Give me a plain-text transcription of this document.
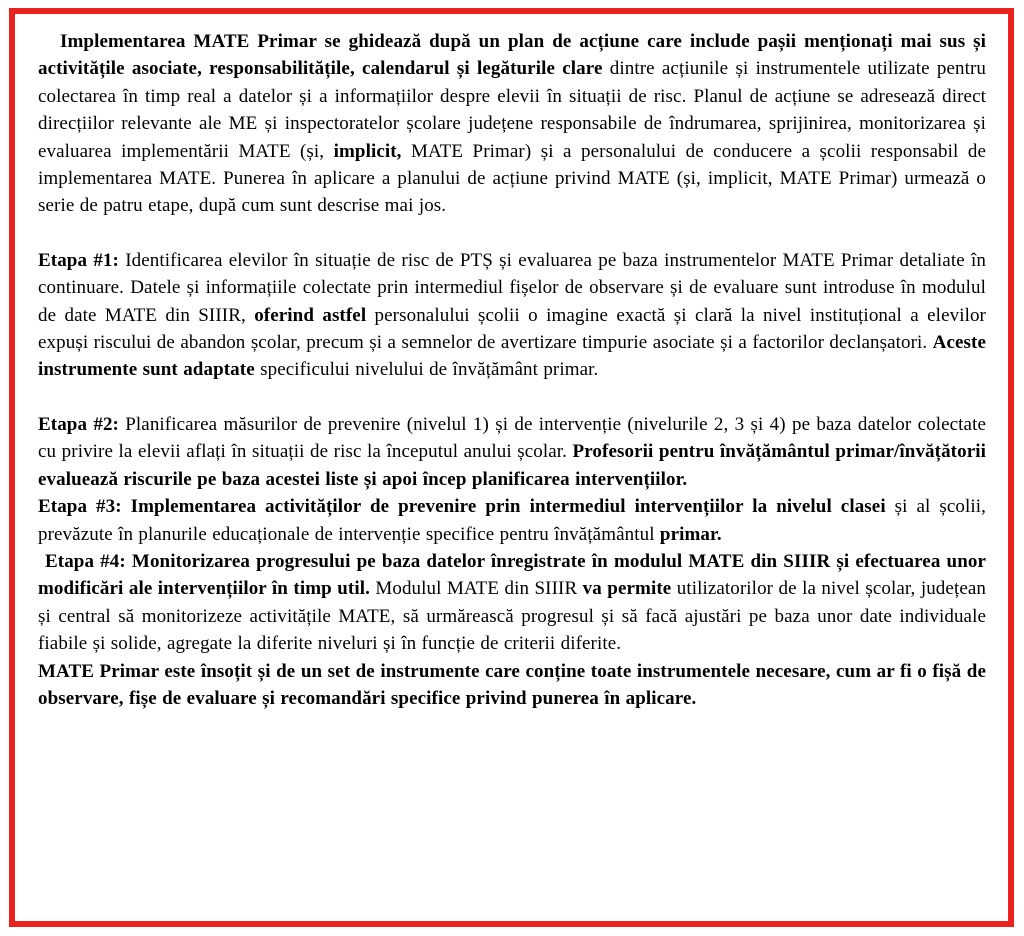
Implementarea MATE Primar se ghidează după un plan de acțiune care include pașii menționați mai sus și activitățile asociate, responsabilitățile, calendarul și legăturile clare dintre acțiunile și instrumentele utilizate pentru colectarea în timp real a datelor și a informațiilor despre elevii în situații de risc. Planul de acțiune se adresează direct direcțiilor relevante ale ME și inspectoratelor școlare județene responsabile de îndrumarea, sprijinirea, monitorizarea și evaluarea implementării MATE (și, implicit, MATE Primar) și a personalului de conducere a școlii responsabil de implementarea MATE. Punerea în aplicare a planului de acțiune privind MATE (și, implicit, MATE Primar) urmează o serie de patru etape, după cum sunt descrise mai jos.

Etapa #1: Identificarea elevilor în situație de risc de PTȘ și evaluarea pe baza instrumentelor MATE Primar detaliate în continuare. Datele și informațiile colectate prin intermediul fișelor de observare și de evaluare sunt introduse în modulul de date MATE din SIIIR, oferind astfel personalului școlii o imagine exactă și clară la nivel instituțional a elevilor expuși riscului de abandon școlar, precum și a semnelor de avertizare timpurie asociate și a factorilor declanșatori. Aceste instrumente sunt adaptate specificului nivelului de învățământ primar.

Etapa #2: Planificarea măsurilor de prevenire (nivelul 1) și de intervenție (nivelurile 2, 3 și 4) pe baza datelor colectate cu privire la elevii aflați în situații de risc la începutul anului școlar. Profesorii pentru învățământul primar/învățătorii evaluează riscurile pe baza acestei liste și apoi încep planificarea intervențiilor.

Etapa #3: Implementarea activităților de prevenire prin intermediul intervențiilor la nivelul clasei și al școlii, prevăzute în planurile educaționale de intervenție specifice pentru învățământul primar.

Etapa #4: Monitorizarea progresului pe baza datelor înregistrate în modulul MATE din SIIIR și efectuarea unor modificări ale intervențiilor în timp util. Modulul MATE din SIIIR va permite utilizatorilor de la nivel școlar, județean și central să monitorizeze activitățile MATE, să urmărească progresul și să facă ajustări pe baza unor date individuale fiabile și solide, agregate la diferite niveluri și în funcție de criterii diferite.

MATE Primar este însoțit și de un set de instrumente care conține toate instrumentele necesare, cum ar fi o fișă de observare, fișe de evaluare și recomandări specifice privind punerea în aplicare.
